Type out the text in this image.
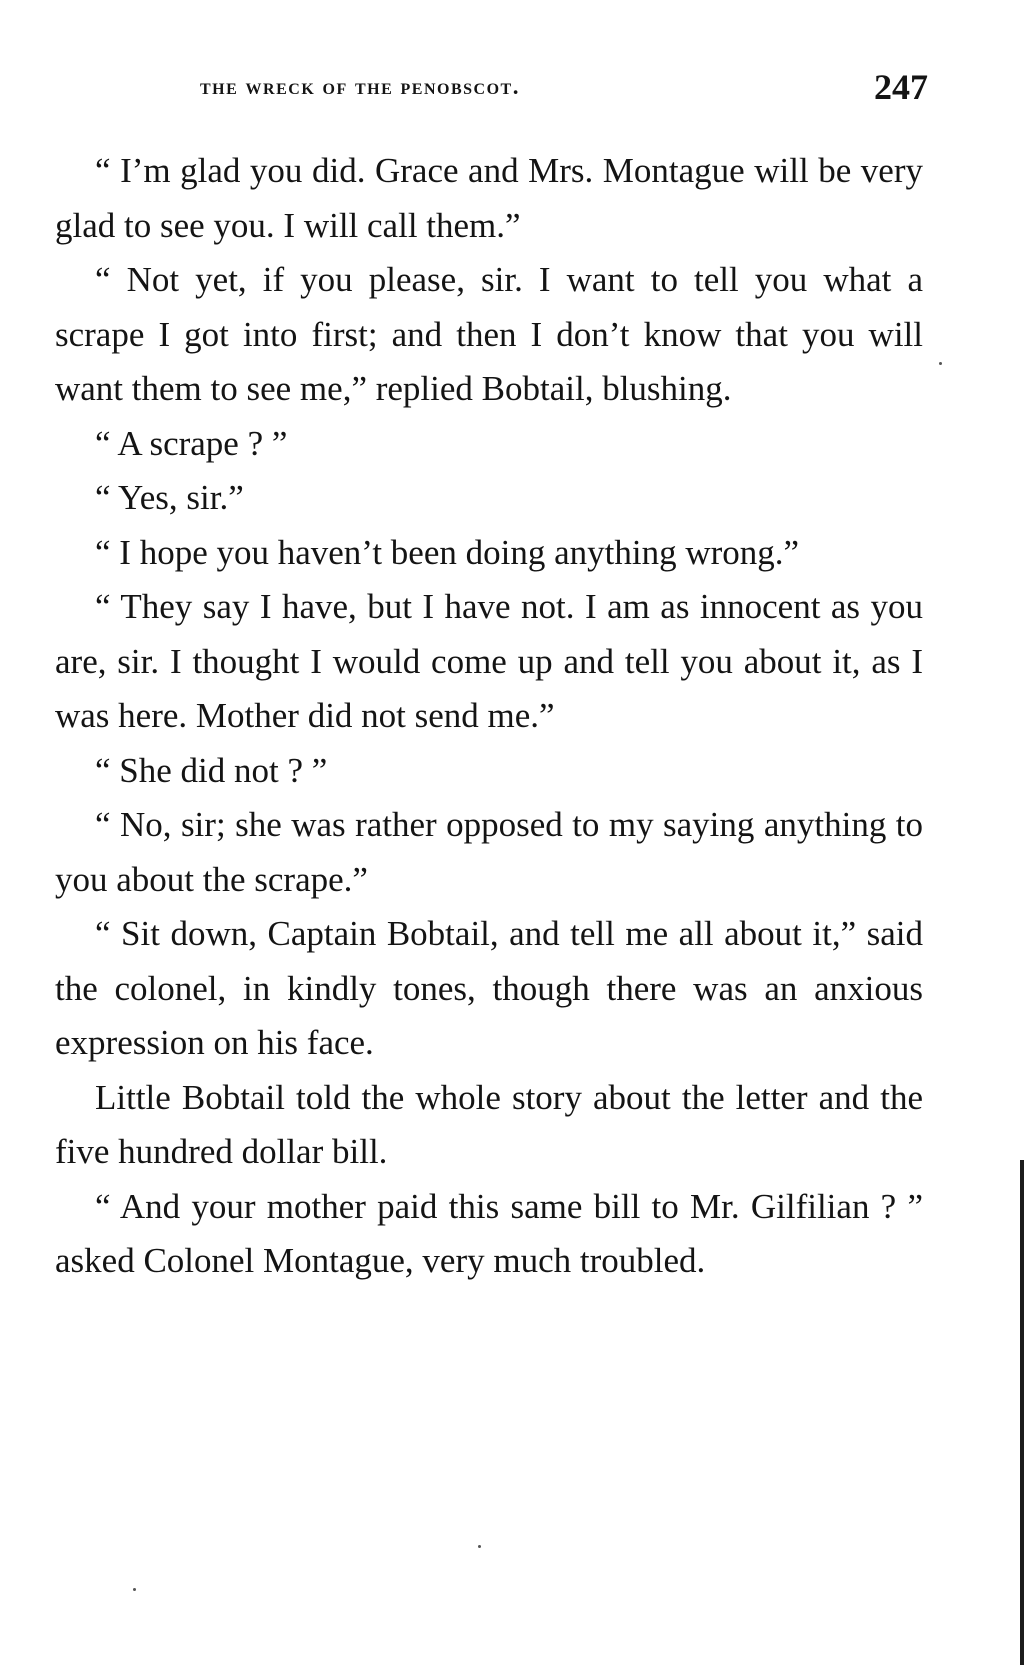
the wreck of the penobscot.	247

“ I’m glad you did. Grace and Mrs. Montague will be very glad to see you. I will call them.”

“ Not yet, if you please, sir. I want to tell you what a scrape I got into first; and then I don’t know that you will want them to see me,” replied Bobtail, blushing.

“ A scrape ? ”

“ Yes, sir.”

“ I hope you haven’t been doing anything wrong.”

“ They say I have, but I have not. I am as innocent as you are, sir. I thought I would come up and tell you about it, as I was here. Mother did not send me.”

“ She did not ? ”

“ No, sir; she was rather opposed to my saying anything to you about the scrape.”

“ Sit down, Captain Bobtail, and tell me all about it,” said the colonel, in kindly tones, though there was an anxious expression on his face.

Little Bobtail told the whole story about the letter and the five hundred dollar bill.

“ And your mother paid this same bill to Mr. Gilfilian ? ” asked Colonel Montague, very much troubled.
